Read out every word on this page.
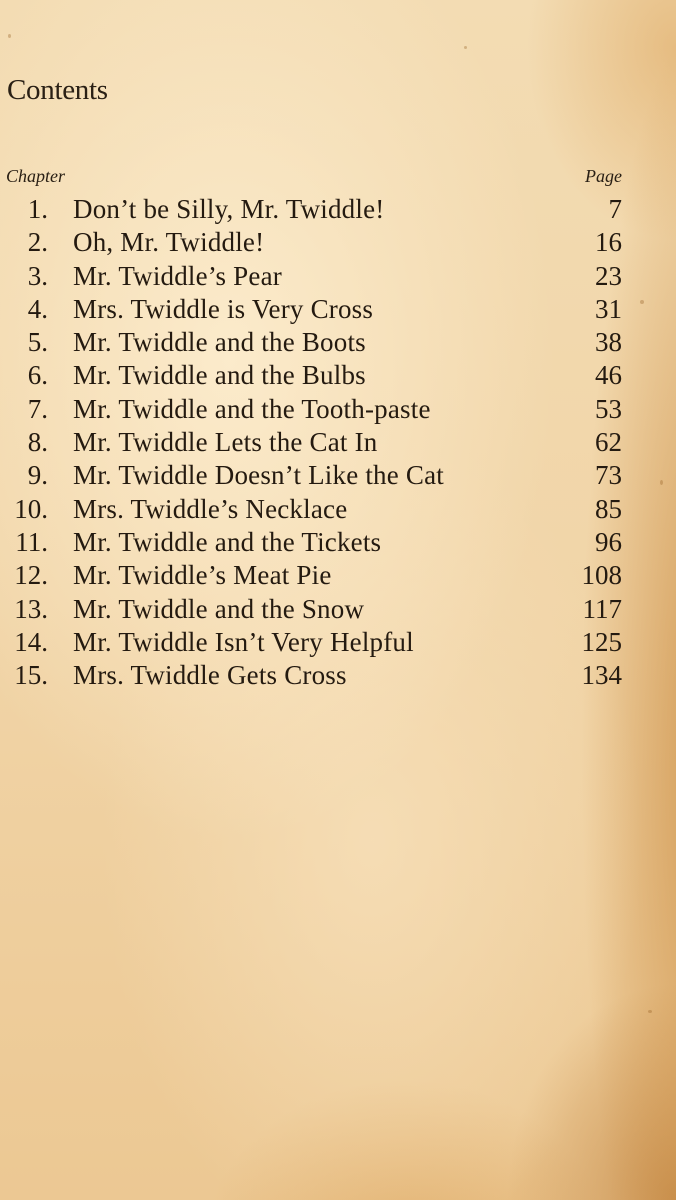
Contents
Chapter	Page
1. Don’t be Silly, Mr. Twiddle!	7
2. Oh, Mr. Twiddle!	16
3. Mr. Twiddle’s Pear	23
4. Mrs. Twiddle is Very Cross	31
5. Mr. Twiddle and the Boots	38
6. Mr. Twiddle and the Bulbs	46
7. Mr. Twiddle and the Tooth-paste	53
8. Mr. Twiddle Lets the Cat In	62
9. Mr. Twiddle Doesn’t Like the Cat	73
10. Mrs. Twiddle’s Necklace	85
11. Mr. Twiddle and the Tickets	96
12. Mr. Twiddle’s Meat Pie	108
13. Mr. Twiddle and the Snow	117
14. Mr. Twiddle Isn’t Very Helpful	125
15. Mrs. Twiddle Gets Cross	134
